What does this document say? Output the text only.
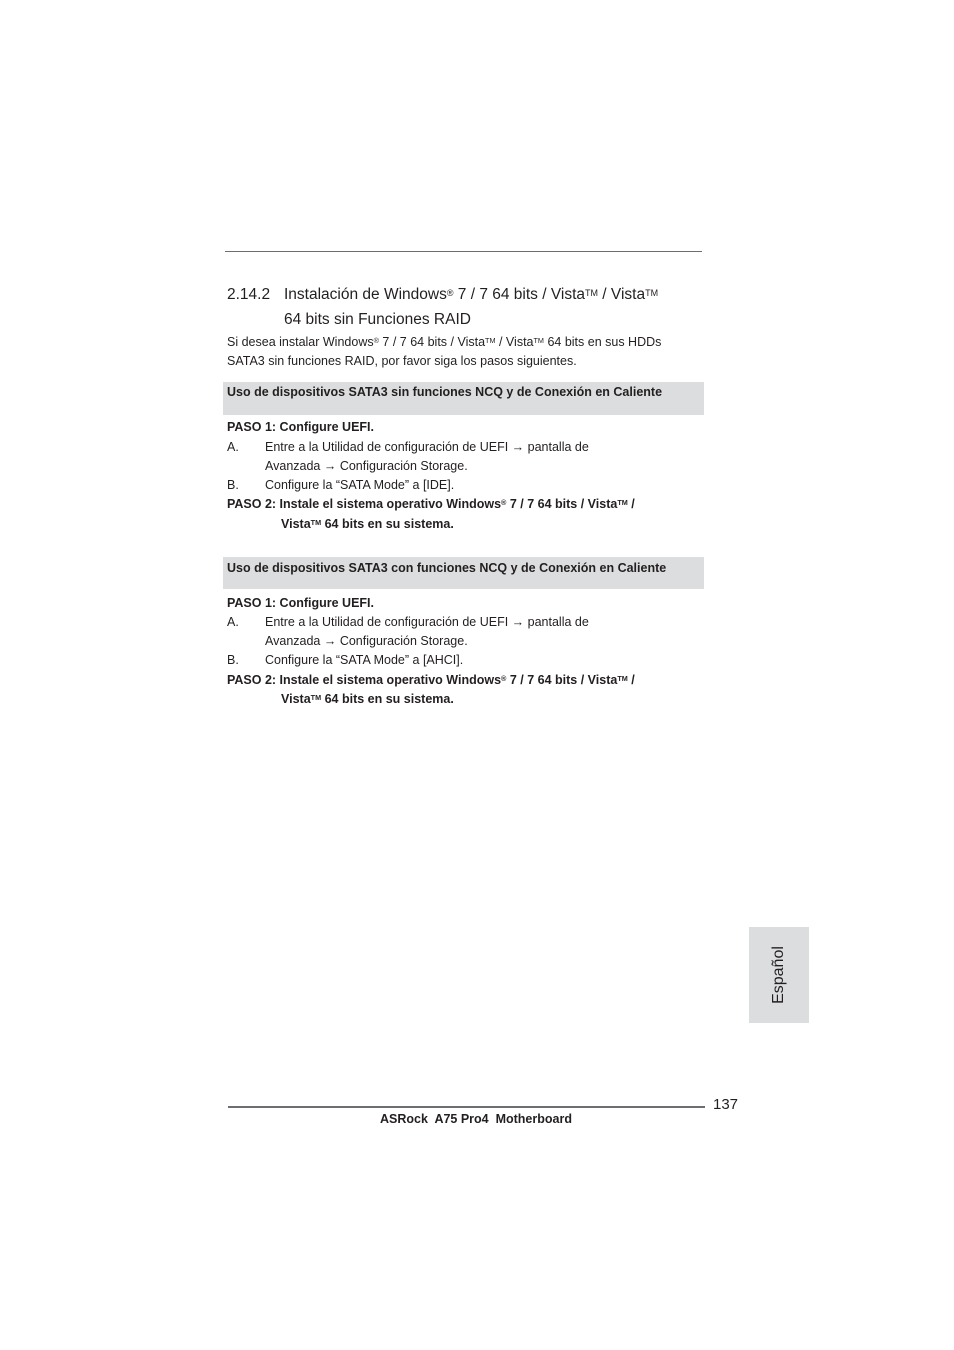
2.14.2 Instalación de Windows® 7 / 7 64 bits / Vista™ / Vista™
64 bits sin Funciones RAID
Si desea instalar Windows® 7 / 7 64 bits / Vista™ / Vista™ 64 bits en sus HDDs
SATA3 sin funciones RAID, por favor siga los pasos siguientes.
Uso de dispositivos SATA3 sin funciones NCQ y de Conexión en Caliente
PASO 1: Configure UEFI.
A. Entre a la Utilidad de configuración de UEFI → pantalla de
Avanzada → Configuración Storage.
B. Configure la “SATA Mode” a [IDE].
PASO 2: Instale el sistema operativo Windows® 7 / 7 64 bits / Vista™ /
Vista™ 64 bits en su sistema.
Uso de dispositivos SATA3 con funciones NCQ y de Conexión en Caliente
PASO 1: Configure UEFI.
A. Entre a la Utilidad de configuración de UEFI → pantalla de
Avanzada → Configuración Storage.
B. Configure la “SATA Mode” a [AHCI].
PASO 2: Instale el sistema operativo Windows® 7 / 7 64 bits / Vista™ /
Vista™ 64 bits en su sistema.
Español
137
ASRock  A75 Pro4  Motherboard
